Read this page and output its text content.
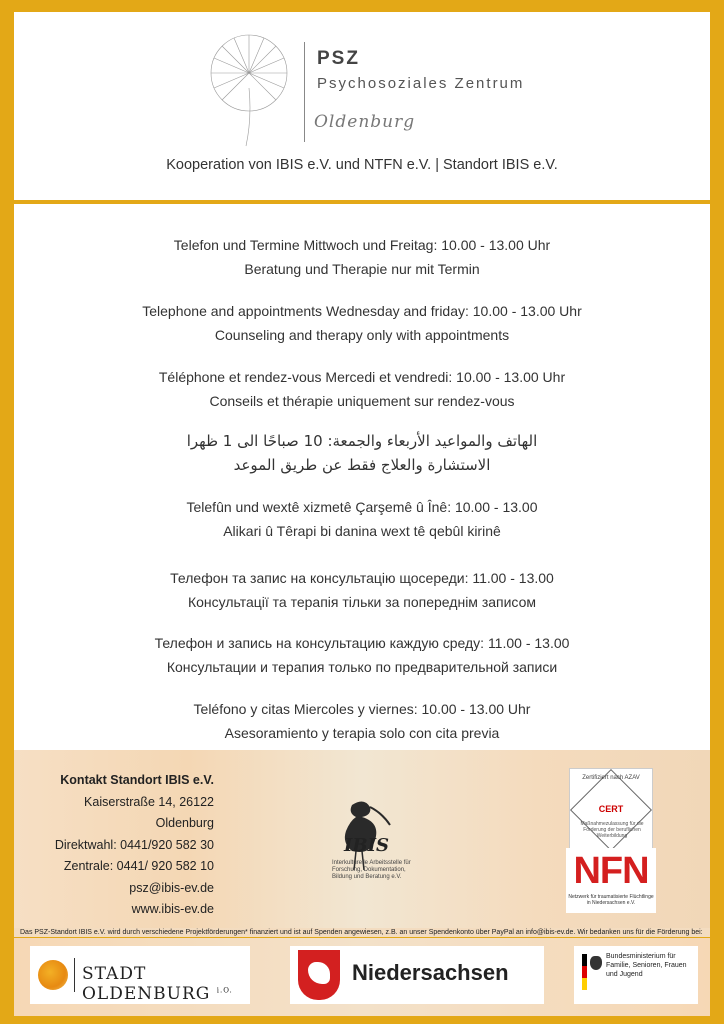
PSZ
Psychosoziales Zentrum
Oldenburg
Kooperation von IBIS e.V. und NTFN e.V. | Standort IBIS e.V.
Telefon und Termine Mittwoch und Freitag: 10.00 - 13.00 Uhr
Beratung und Therapie nur mit Termin
Telephone and appointments Wednesday and friday: 10.00 - 13.00 Uhr
Counseling and therapy only with appointments
Téléphone et rendez-vous Mercedi et vendredi: 10.00 - 13.00 Uhr
Conseils et thérapie uniquement sur rendez-vous
الهاتف والمواعيد الأربعاء والجمعة: 10 صباحًا الى 1 ظهرا
الاستشارة والعلاج فقط عن طريق الموعد
Telefûn und wextê xizmetê Çarşemê û Înê: 10.00 - 13.00
Alikari û Têrapi bi danina wext tê qebûl kirinê
Телефон та запис на консультацію щосереди: 11.00 - 13.00
Консультації та терапія тільки за попереднім записом
Телефон и запись на консультацию каждую среду: 11.00 - 13.00
Консультации и терапия только по предварительной записи
Teléfono y citas Miercoles y viernes: 10.00 - 13.00 Uhr
Asesoramiento y terapia solo con cita previa
Kontakt Standort IBIS e.V.
Kaiserstraße 14, 26122 Oldenburg
Direktwahl: 0441/920 582 30
Zentrale: 0441/ 920 582 10
psz@ibis-ev.de
www.ibis-ev.de
IBIS
Interkulturelle Arbeitsstelle für Forschung, Dokumentation, Bildung und Beratung e.V.
Zertifiziert nach AZAV
CERT
Maßnahmezulassung für die Förderung der beruflichen Weiterbildung
NFN
Netzwerk für traumatisierte Flüchtlinge in Niedersachsen e.V.
Das PSZ-Standort IBIS e.V. wird durch verschiedene Projektförderungen* finanziert und ist auf Spenden angewiesen, z.B. an unser Spendenkonto über PayPal an info@ibis-ev.de. Wir bedanken uns für die Förderung bei:
STADT OLDENBURG $^{i.O.}$
Niedersachsen
Bundesministerium für Familie, Senioren, Frauen und Jugend
